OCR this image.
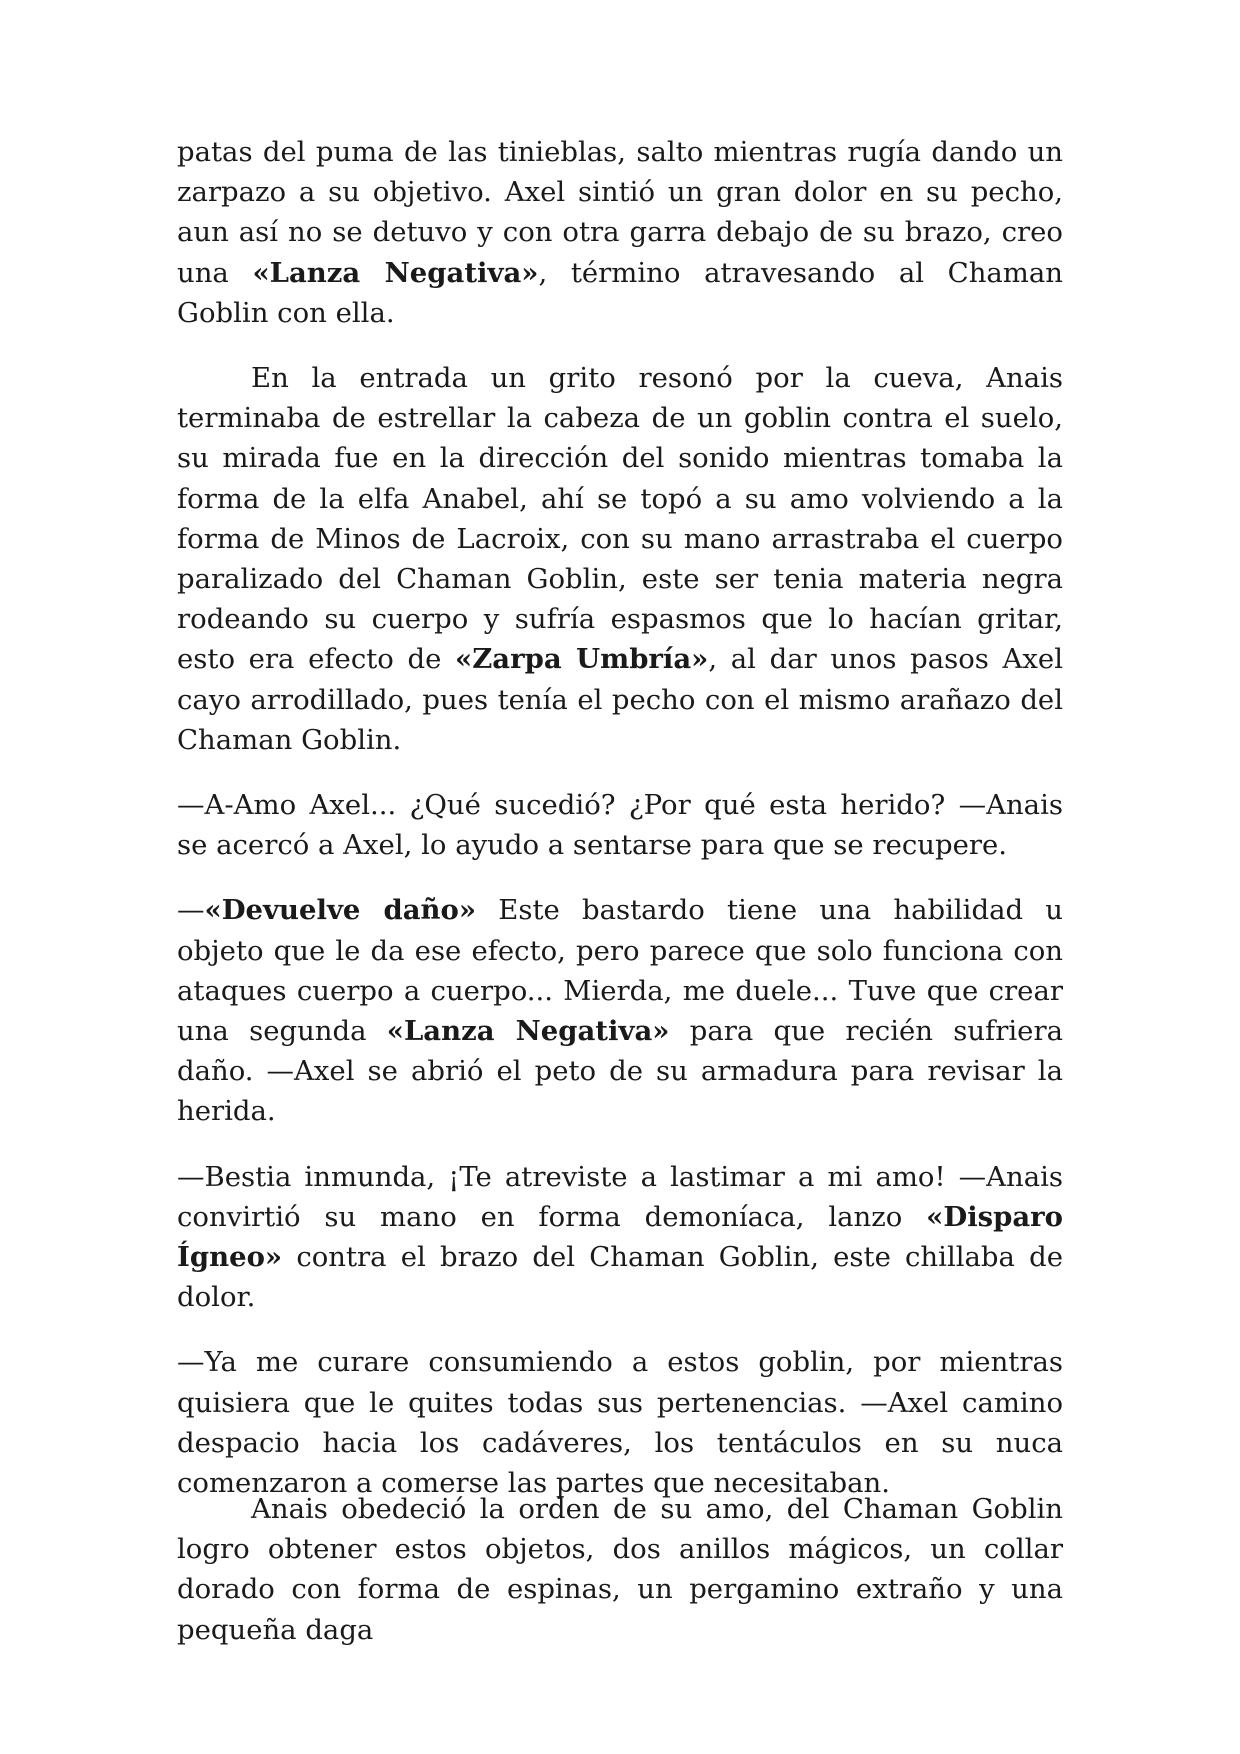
patas del puma de las tinieblas, salto mientras rugía dando un zarpazo a su objetivo. Axel sintió un gran dolor en su pecho, aun así no se detuvo y con otra garra debajo de su brazo, creo una «Lanza Negativa», término atravesando al Chaman Goblin con ella.

En la entrada un grito resonó por la cueva, Anais terminaba de estrellar la cabeza de un goblin contra el suelo, su mirada fue en la dirección del sonido mientras tomaba la forma de la elfa Anabel, ahí se topó a su amo volviendo a la forma de Minos de Lacroix, con su mano arrastraba el cuerpo paralizado del Chaman Goblin, este ser tenia materia negra rodeando su cuerpo y sufría espasmos que lo hacían gritar, esto era efecto de «Zarpa Umbría», al dar unos pasos Axel cayo arrodillado, pues tenía el pecho con el mismo arañazo del Chaman Goblin.

—A-Amo Axel... ¿Qué sucedió? ¿Por qué esta herido? —Anais se acercó a Axel, lo ayudo a sentarse para que se recupere.

—«Devuelve daño» Este bastardo tiene una habilidad u objeto que le da ese efecto, pero parece que solo funciona con ataques cuerpo a cuerpo... Mierda, me duele... Tuve que crear una segunda «Lanza Negativa» para que recién sufriera daño. —Axel se abrió el peto de su armadura para revisar la herida.

—Bestia inmunda, ¡Te atreviste a lastimar a mi amo! —Anais convirtió su mano en forma demoníaca, lanzo «Disparo Ígneo» contra el brazo del Chaman Goblin, este chillaba de dolor.

—Ya me curare consumiendo a estos goblin, por mientras quisiera que le quites todas sus pertenencias. —Axel camino despacio hacia los cadáveres, los tentáculos en su nuca comenzaron a comerse las partes que necesitaban.

Anais obedeció la orden de su amo, del Chaman Goblin logro obtener estos objetos, dos anillos mágicos, un collar dorado con forma de espinas, un pergamino extraño y una pequeña daga
